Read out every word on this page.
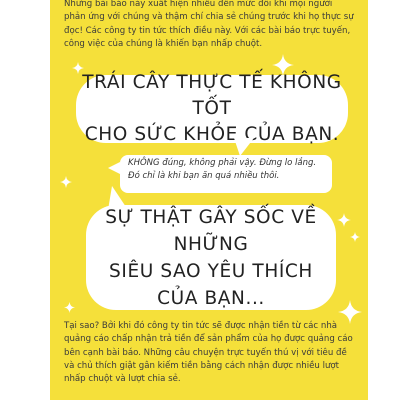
Những bài báo này xuất hiện nhiều đến mức đôi khi mọi người phản ứng với chúng và thậm chí chia sẻ chúng trước khi họ thực sự đọc! Các công ty tin tức thích điều này. Với các bài báo trực tuyến, công việc của chúng là khiến bạn nhấp chuột.

TRÁI CÂY THỰC TẾ KHÔNG TỐT

CHO SỨC KHỎE CỦA BẠN.

KHÔNG đúng, không phải vậy. Đừng lo lắng. Đó chỉ là khi bạn ăn quá nhiều thôi.

SỰ THẬT GÂY SỐC VỀ NHỮNG

SIÊU SAO YÊU THÍCH

CỦA BẠN...

Tại sao? Bởi khi đó công ty tin tức sẽ được nhận tiền từ các nhà quảng cáo chấp nhận trả tiền để sản phẩm của họ được quảng cáo bên cạnh bài báo. Những câu chuyện trực tuyến thú vị với tiêu đề và chủ thích giật gân kiếm tiền bằng cách nhận được nhiều lượt nhấp chuột và lượt chia sẻ.
